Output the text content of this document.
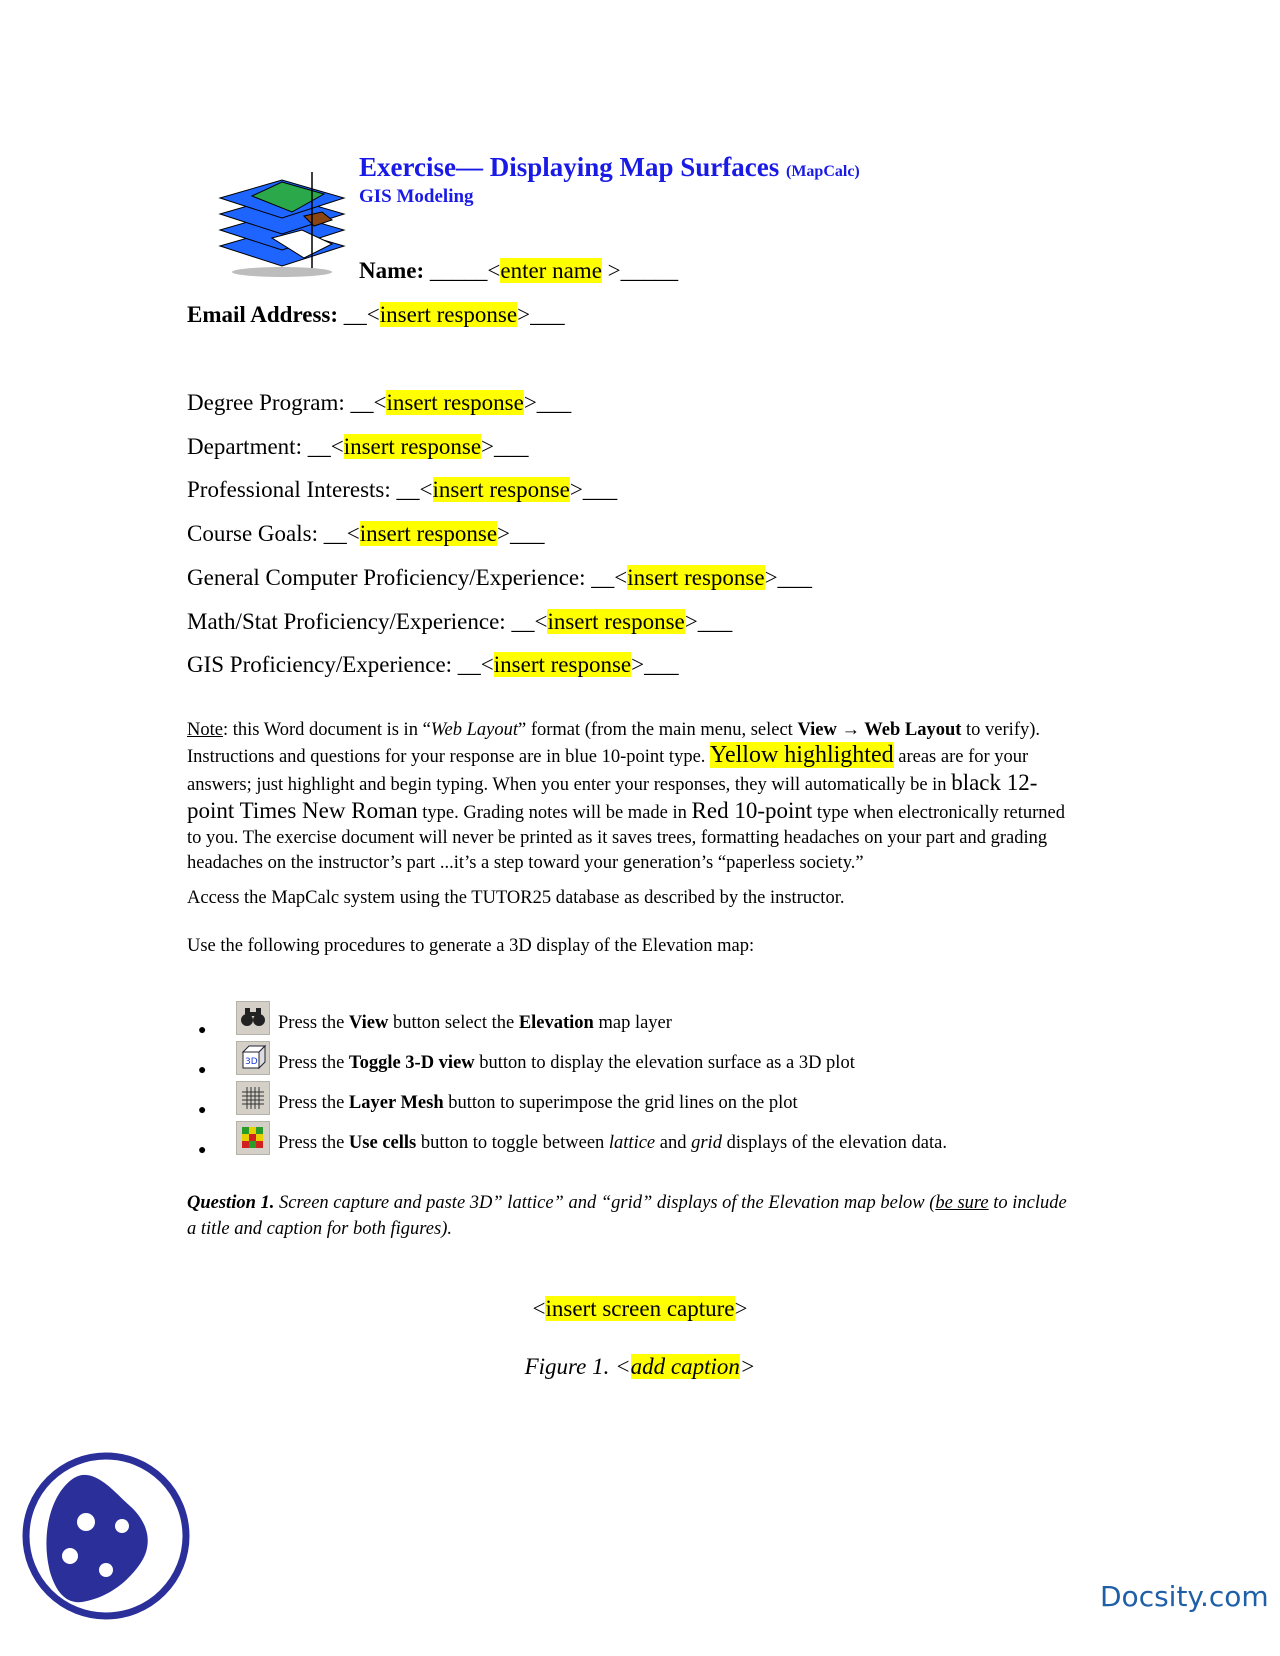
Exercise— Displaying Map Surfaces (MapCalc)
GIS Modeling
Name: _____<enter name >_____
Email Address: __<insert response>___
Degree Program: __<insert response>___
Department: __<insert response>___
Professional Interests: __<insert response>___
Course Goals: __<insert response>___
General Computer Proficiency/Experience: __<insert response>___
Math/Stat Proficiency/Experience: __<insert response>___
GIS Proficiency/Experience: __<insert response>___
Note: this Word document is in “Web Layout” format (from the main menu, select View → Web Layout to verify). Instructions and questions for your response are in blue 10-point type. Yellow highlighted areas are for your answers; just highlight and begin typing. When you enter your responses, they will automatically be in black 12-point Times New Roman type. Grading notes will be made in Red 10-point type when electronically returned to you. The exercise document will never be printed as it saves trees, formatting headaches on your part and grading headaches on the instructor’s part ...it’s a step toward your generation’s “paperless society.”
Access the MapCalc system using the TUTOR25 database as described by the instructor.
Use the following procedures to generate a 3D display of the Elevation map:
●	Press the View button select the Elevation map layer
●
3D Press the Toggle 3-D view button to display the elevation surface as a 3D plot
●	Press the Layer Mesh button to superimpose the grid lines on the plot
●	Press the Use cells button to toggle between lattice and grid displays of the elevation data.
Question 1. Screen capture and paste 3D” lattice” and “grid” displays of the Elevation map below (be sure to include a title and caption for both figures).
<insert screen capture>
Figure 1. <add caption>
Docsity.com
